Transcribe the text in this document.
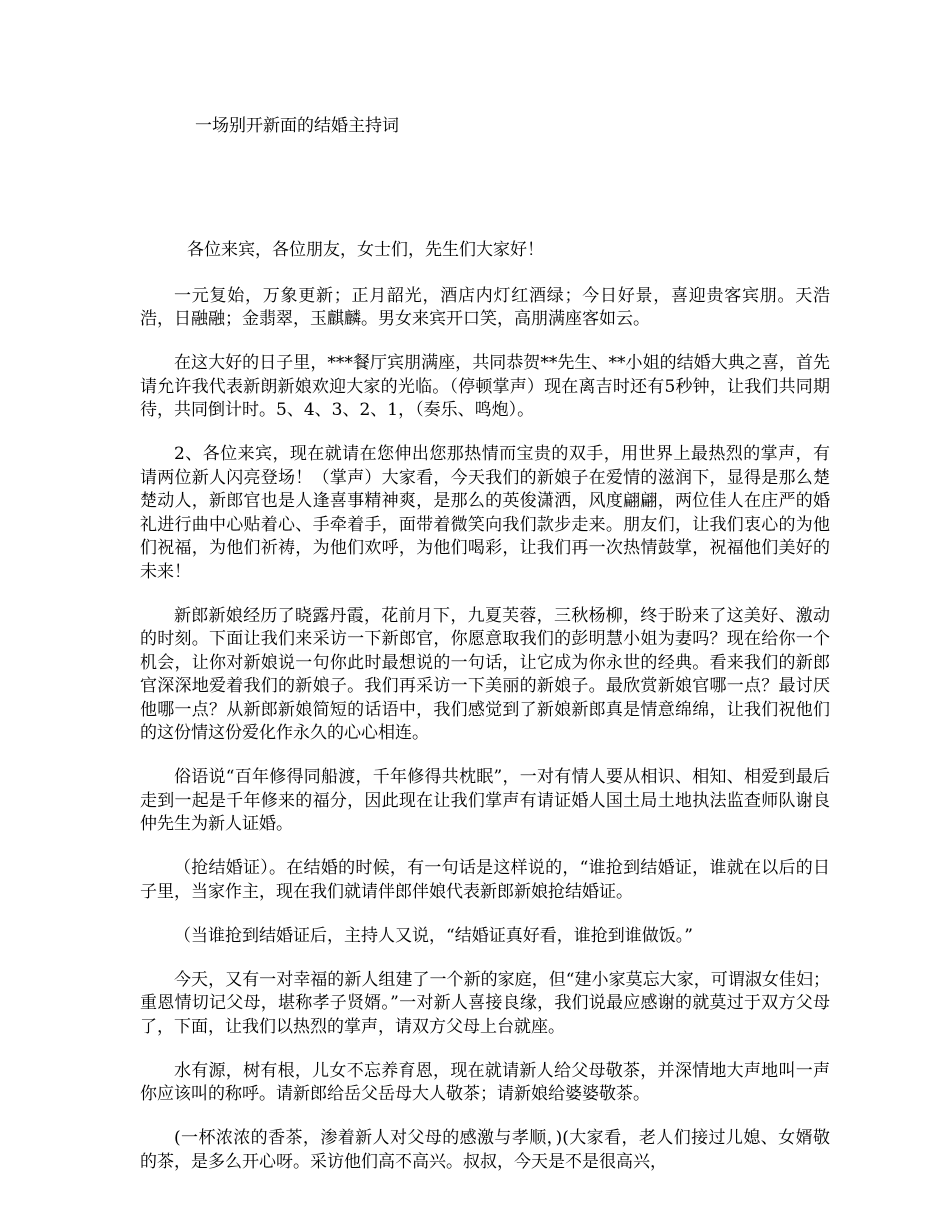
一场别开新面的结婚主持词

各位来宾，各位朋友，女士们，先生们大家好！

一元复始，万象更新；正月韶光，酒店内灯红酒绿；今日好景，喜迎贵客宾朋。天浩浩，日融融；金翡翠，玉麒麟。男女来宾开口笑，高朋满座客如云。

在这大好的日子里，***餐厅宾朋满座，共同恭贺**先生、**小姐的结婚大典之喜，首先请允许我代表新朗新娘欢迎大家的光临。（停顿掌声）现在离吉时还有5秒钟，让我们共同期待，共同倒计时。5、4、3、2、1，（奏乐、鸣炮）。

2、各位来宾，现在就请在您伸出您那热情而宝贵的双手，用世界上最热烈的掌声，有请两位新人闪亮登场！（掌声）大家看，今天我们的新娘子在爱情的滋润下，显得是那么楚楚动人，新郎官也是人逢喜事精神爽，是那么的英俊潇洒，风度翩翩，两位佳人在庄严的婚礼进行曲中心贴着心、手牵着手，面带着微笑向我们款步走来。朋友们，让我们衷心的为他们祝福，为他们祈祷，为他们欢呼，为他们喝彩，让我们再一次热情鼓掌，祝福他们美好的未来！

新郎新娘经历了晓露丹霞，花前月下，九夏芙蓉，三秋杨柳，终于盼来了这美好、激动的时刻。下面让我们来采访一下新郎官，你愿意取我们的彭明慧小姐为妻吗？现在给你一个机会，让你对新娘说一句你此时最想说的一句话，让它成为你永世的经典。看来我们的新郎官深深地爱着我们的新娘子。我们再采访一下美丽的新娘子。最欣赏新娘官哪一点？最讨厌他哪一点？从新郎新娘简短的话语中，我们感觉到了新娘新郎真是情意绵绵，让我们祝他们的这份情这份爱化作永久的心心相连。

俗语说“百年修得同船渡，千年修得共枕眠”，一对有情人要从相识、相知、相爱到最后走到一起是千年修来的福分，因此现在让我们掌声有请证婚人国土局土地执法监查师队谢良仲先生为新人证婚。

（抢结婚证）。在结婚的时候，有一句话是这样说的，“谁抢到结婚证，谁就在以后的日子里，当家作主，现在我们就请伴郎伴娘代表新郎新娘抢结婚证。

（当谁抢到结婚证后，主持人又说，“结婚证真好看，谁抢到谁做饭。”

今天，又有一对幸福的新人组建了一个新的家庭，但“建小家莫忘大家，可谓淑女佳妇；重恩情切记父母，堪称孝子贤婿。”一对新人喜接良缘，我们说最应感谢的就莫过于双方父母了，下面，让我们以热烈的掌声，请双方父母上台就座。

水有源，树有根，儿女不忘养育恩，现在就请新人给父母敬茶，并深情地大声地叫一声你应该叫的称呼。请新郎给岳父岳母大人敬茶；请新娘给婆婆敬茶。

(一杯浓浓的香茶，渗着新人对父母的感激与孝顺，)(大家看，老人们接过儿媳、女婿敬的茶，是多么开心呀。采访他们高不高兴。叔叔，今天是不是很高兴，
